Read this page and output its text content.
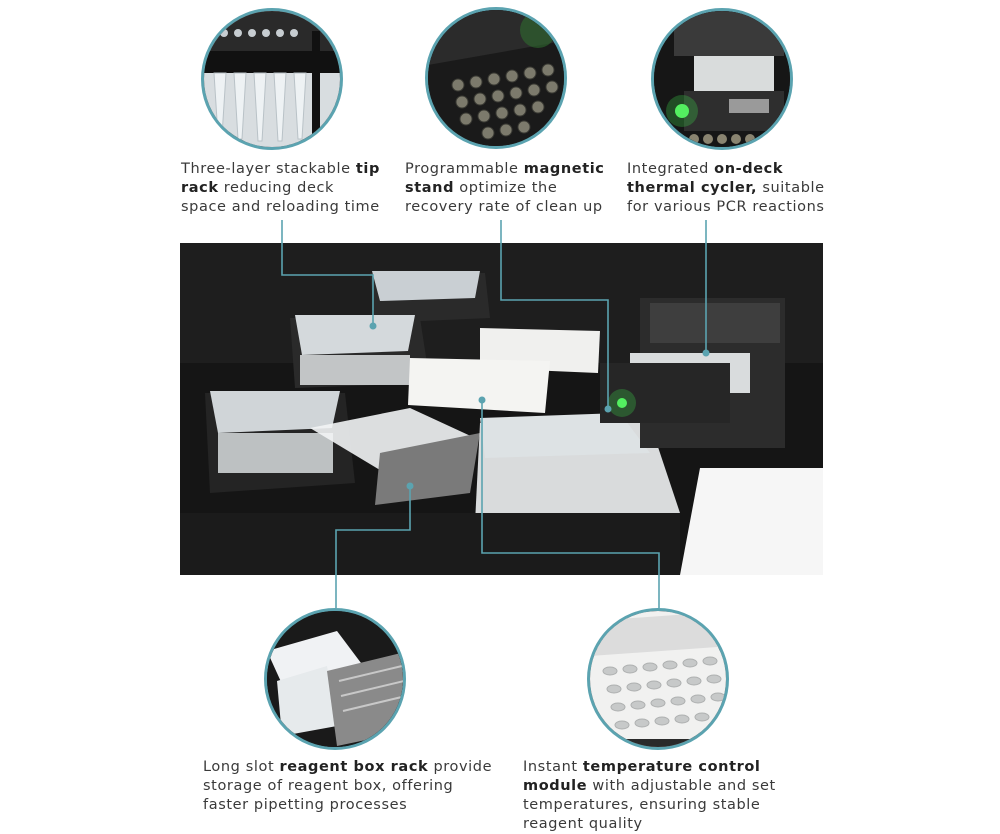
Three-layer stackable tip rack reducing deck space and reloading time
Programmable magnetic stand optimize the recovery rate of clean up
Integrated on-deck thermal cycler, suitable for various PCR reactions
Long slot reagent box rack provide storage of reagent box, offering faster pipetting processes
Instant temperature control module with adjustable and set temperatures, ensuring stable reagent quality
